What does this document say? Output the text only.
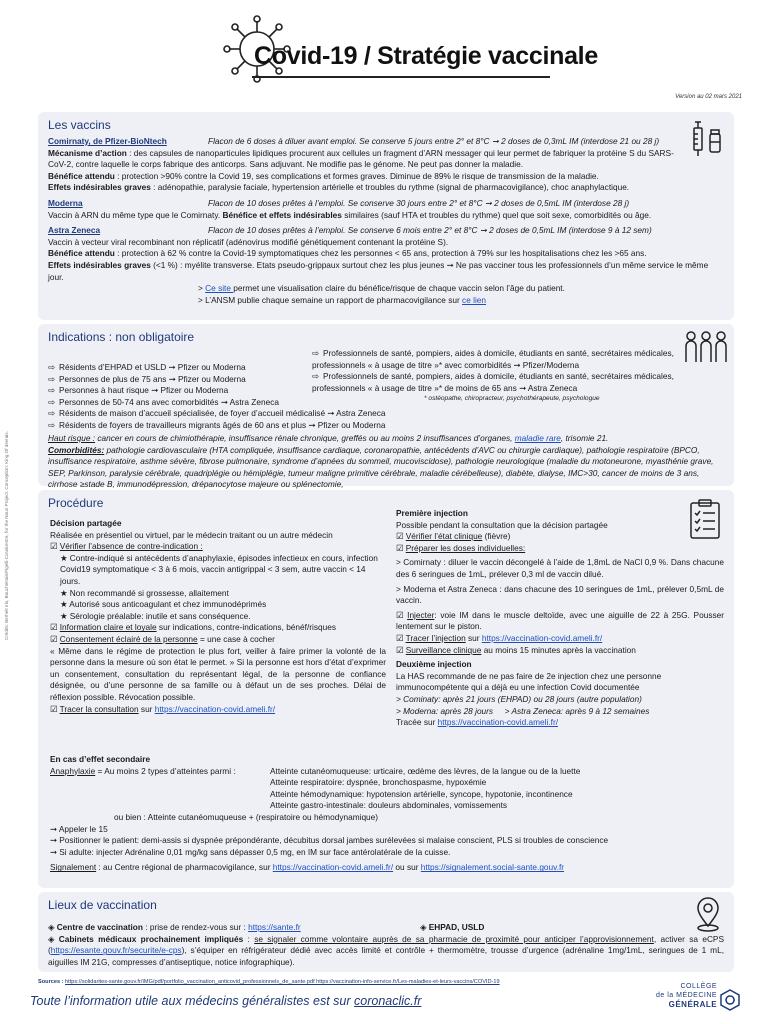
Covid-19 / Stratégie vaccinale
Version au 02 mars 2021
Les vaccins
Comirnaty, de Pfizer-BioNtech	Flacon de 6 doses à diluer avant emploi. Se conserve 5 jours entre 2° et 8°C ➞ 2 doses de 0,3mL IM (interdose 21 ou 28 j)
Mécanisme d’action : des capsules de nanoparticules lipidiques procurent aux cellules un fragment d’ARN messager qui leur permet de fabriquer la protéine S du SARS-CoV-2, contre laquelle le corps fabrique des anticorps. Sans adjuvant. Ne modifie pas le génome. Ne peut pas donner la maladie.
Bénéfice attendu : protection >90% contre la Covid 19, ses complications et formes graves. Diminue de 89% le risque de transmission de la maladie.
Effets indésirables graves : adénopathie, paralysie faciale, hypertension artérielle et troubles du rythme (signal de pharmacovigilance), choc anaphylactique.
Moderna	Flacon de 10 doses prêtes à l’emploi. Se conserve 30 jours entre 2° et 8°C ➞ 2 doses de 0,5mL IM (interdose 28 j)
Vaccin à ARN du même type que le Comirnaty. Bénéfice et effets indésirables similaires (sauf HTA et troubles du rythme) quel que soit sexe, comorbidités ou âge.
Astra Zeneca	Flacon de 10 doses prêtes à l’emploi. Se conserve 6 mois entre 2° et 8°C ➞ 2 doses de 0,5mL IM (interdose 9 à 12 sem)
Vaccin à vecteur viral recombinant non réplicatif (adénovirus modifié génétiquement contenant la protéine S).
Bénéfice attendu : protection à 62 % contre la Covid-19 symptomatiques chez les personnes < 65 ans, protection à 79% sur les hospitalisations chez les >65 ans.
Effets indésirables graves (<1 %) : myélite transverse. Etats pseudo-grippaux surtout chez les plus jeunes ➞ Ne pas vacciner tous les professionnels d’un même service le même jour.
> Ce site permet une visualisation claire du bénéfice/risque de chaque vaccin selon l’âge du patient.
> L’ANSM publie chaque semaine un rapport de pharmacovigilance sur ce lien
Indications : non obligatoire
⇨ Résidents d’EHPAD et USLD ➞ Pfizer ou Moderna
⇨ Personnes de plus de 75 ans ➞ Pfizer ou Moderna
⇨ Personnes à haut risque ➞ Pfizer ou Moderna
⇨ Personnes de 50-74 ans avec comorbidités ➞ Astra Zeneca
⇨ Résidents de maison d’accueil spécialisée, de foyer d’accueil médicalisé ➞ Astra Zeneca
⇨ Résidents de foyers de travailleurs migrants âgés de 60 ans et plus ➞ Pfizer ou Moderna
⇨ Professionnels de santé, pompiers, aides à domicile, étudiants en santé, secrétaires médicales, professionnels « à usage de titre »* avec comorbidités ➞ Pfizer/Moderna
⇨ Professionnels de santé, pompiers, aides à domicile, étudiants en santé, secrétaires médicales, professionnels « à usage de titre »* de moins de 65 ans ➞ Astra Zeneca
* ostéopathe, chiropracteur, psychothérapeute, psychologue
Haut risque : cancer en cours de chimiothérapie, insuffisance rénale chronique, greffés ou au moins 2 insuffisances d’organes, maladie rare, trisomie 21.
Comorbidités: pathologie cardiovasculaire (HTA compliquée, insuffisance cardiaque, coronaropathie, antécédents d’AVC ou chirurgie cardiaque), pathologie respiratoire (BPCO, insuffisance respiratoire, asthme sévère, fibrose pulmonaire, syndrome d’apnées du sommeil, mucoviscidose), pathologie neurologique (maladie du motoneurone, myasthénie grave, SEP, Parkinson, paralysie cérébrale, quadriplégie ou hémiplégie, tumeur maligne primitive cérébrale, maladie cérébelleuse), diabète, dialyse, IMC>30, cancer de moins de 3 ans, cirrhose ≥stade B, immunodépression, drépanocytose majeure ou splénectomie,
Procédure
Décision partagée
Réalisée en présentiel ou virtuel, par le médecin traitant ou un autre médecin
☑ Vérifier l’absence de contre-indication :
★ Contre-indiqué si antécédents d’anaphylaxie, épisodes infectieux en cours, infection Covid19 symptomatique < 3 à 6 mois, vaccin antigrippal < 3 sem, autre vaccin < 14 jours.
★ Non recommandé si grossesse, allaitement
★ Autorisé sous anticoagulant et chez immunodéprimés
★ Sérologie préalable: inutile et sans conséquence.
☑ Information claire et loyale sur indications, contre-indications, bénéf/risques
☑ Consentement éclairé de la personne = une case à cocher
« Même dans le régime de protection le plus fort, veiller à faire primer la volonté de la personne dans la mesure où son état le permet. » Si la personne est hors d’état d’exprimer un consentement, consultation du représentant légal, de la personne de confiance désignée, ou d’une personne de sa famille ou à défaut un de ses proches. Délai de réflexion possible. Révocation possible.
☑ Tracer la consultation sur https://vaccination-covid.ameli.fr/
Première injection
Possible pendant la consultation que la décision partagée
☑ Vérifier l’état clinique (fièvre)
☑ Préparer les doses individuelles:
> Comirnaty : diluer le vaccin décongelé à l’aide de 1,8mL de NaCl 0,9 %. Dans chacune des 6 seringues de 1mL, prélever 0,3 ml de vaccin dilué.
> Moderna et Astra Zeneca : dans chacune des 10 seringues de 1mL, prélever 0,5mL de vaccin.
☑ Injecter: voie IM dans le muscle deltoïde, avec une aiguille de 22 à 25G. Pousser lentement sur le piston.
☑ Tracer l’injection sur https://vaccination-covid.ameli.fr/
☑ Surveillance clinique au moins 15 minutes après la vaccination
Deuxième injection
La HAS recommande de ne pas faire de 2e injection chez une personne immunocompétente qui a déjà eu une infection Covid documentée
> Cominaty: après 21 jours (EHPAD) ou 28 jours (autre population)
> Moderna: après 28 jours > Astra Zeneca: après 9 à 12 semaines
Tracée sur https://vaccination-covid.ameli.fr/
En cas d’effet secondaire
Anaphylaxie = Au moins 2 types d’atteintes parmi :	Atteinte cutanéomuqueuse: urticaire, œdème des lèvres, de la langue ou de la luette
Atteinte respiratoire: dyspnée, bronchospasme, hypoxémie
Atteinte hémodynamique: hypotension artérielle, syncope, hypotonie, incontinence
Atteinte gastro-intestinale: douleurs abdominales, vomissements
ou bien : Atteinte cutanéomuqueuse + (respiratoire ou hémodynamique)
➞ Appeler le 15
➞ Positionner le patient: demi-assis si dyspnée prépondérante, décubitus dorsal jambes surélevées si malaise conscient, PLS si troubles de conscience
➞ Si adulte: injecter Adrénaline 0,01 mg/kg sans dépasser 0,5 mg, en IM sur face antérolatérale de la cuisse.
Signalement : au Centre régional de pharmacovigilance, sur https://vaccination-covid.ameli.fr/ ou sur https://signalement.social-sante.gouv.fr
Lieux de vaccination
◈ Centre de vaccination : prise de rendez-vous sur : https://sante.fr	◈ EHPAD, USLD
◈ Cabinets médicaux prochainement impliqués : se signaler comme volontaire auprès de sa pharmacie de proximité pour anticiper l’approvisionnement, activer sa eCPS (https://esante.gouv.fr/securite/e-cps), s’équiper en réfrigérateur dédié avec accès limité et contrôle + thermomètre, trousse d’urgence (adrénaline 1mg/1mL, seringues de 1 mL, aiguilles IM 21G, compresses d’antiseptique, notice infographique).
Sources : https://solidarites-sante.gouv.fr/IMG/pdf/portfolio_vaccination_anticovid_professionnels_de_sante.pdf https://vaccination-info-service.fr/Les-maladies-et-leurs-vaccins/COVID-19
Toute l’information utile aux médecins généralistes est sur coronaclic.fr
COLLÈGE
de la MÉDECINE
GÉNÉRALE
Crédits: Berhelt Iris, Bouchetrain/Figelli Coralcentre, for the Noun Project. Conception: King Of devrais.
